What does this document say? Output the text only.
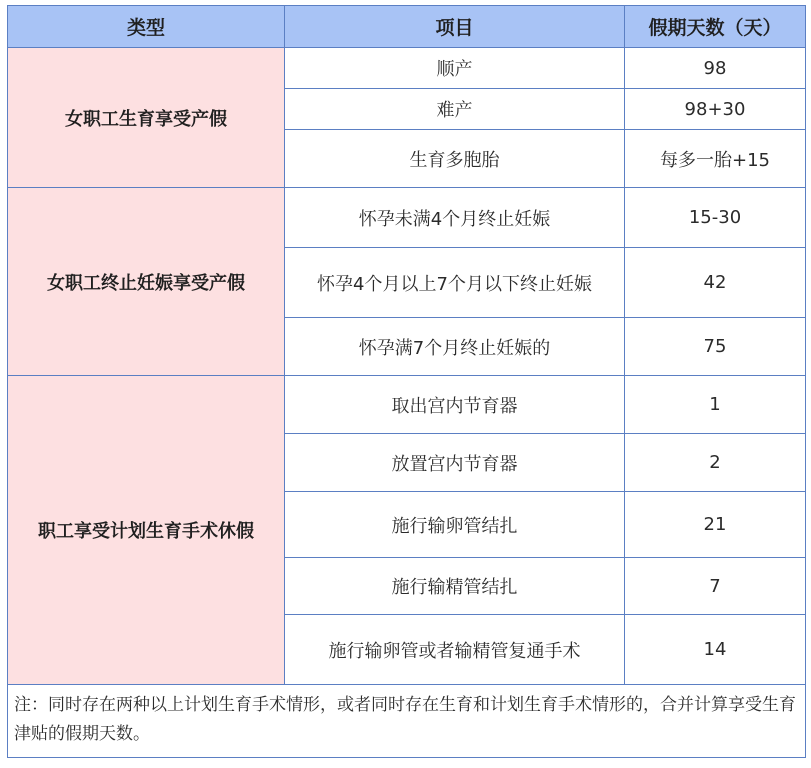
类型	项目	假期天数（天）
女职工生育享受产假	顺产	98
	难产	98+30
	生育多胞胎	每多一胎+15
女职工终止妊娠享受产假	怀孕未满4个月终止妊娠	15-30
	怀孕4个月以上7个月以下终止妊娠	42
	怀孕满7个月终止妊娠的	75
职工享受计划生育手术休假	取出宫内节育器	1
	放置宫内节育器	2
	施行输卵管结扎	21
	施行输精管结扎	7
	施行输卵管或者输精管复通手术	14
注：同时存在两种以上计划生育手术情形，或者同时存在生育和计划生育手术情形的，合并计算享受生育津贴的假期天数。		
